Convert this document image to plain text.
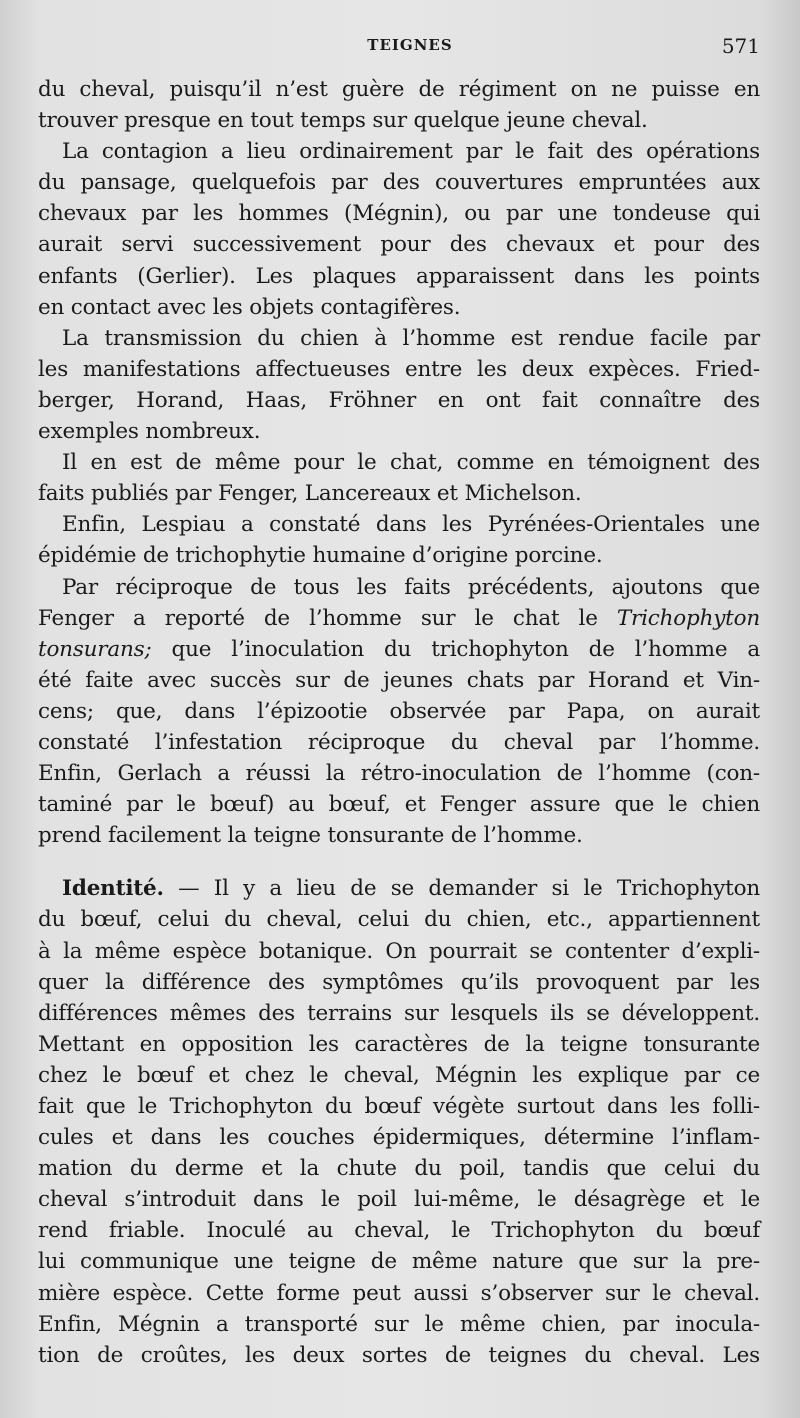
TEIGNES	571
du cheval, puisqu’il n’est guère de régiment on ne puisse en
trouver presque en tout temps sur quelque jeune cheval.
La contagion a lieu ordinairement par le fait des opérations
du pansage, quelquefois par des couvertures empruntées aux
chevaux par les hommes (Mégnin), ou par une tondeuse qui
aurait servi successivement pour des chevaux et pour des
enfants (Gerlier). Les plaques apparaissent dans les points
en contact avec les objets contagifères.
La transmission du chien à l’homme est rendue facile par
les manifestations affectueuses entre les deux expèces. Fried-
berger, Horand, Haas, Fröhner en ont fait connaître des
exemples nombreux.
Il en est de même pour le chat, comme en témoignent des
faits publiés par Fenger, Lancereaux et Michelson.
Enfin, Lespiau a constaté dans les Pyrénées-Orientales une
épidémie de trichophytie humaine d’origine porcine.
Par réciproque de tous les faits précédents, ajoutons que
Fenger a reporté de l’homme sur le chat le Trichophyton
tonsurans; que l’inoculation du trichophyton de l’homme a
été faite avec succès sur de jeunes chats par Horand et Vin-
cens; que, dans l’épizootie observée par Papa, on aurait
constaté l’infestation réciproque du cheval par l’homme.
Enfin, Gerlach a réussi la rétro-inoculation de l’homme (con-
taminé par le bœuf) au bœuf, et Fenger assure que le chien
prend facilement la teigne tonsurante de l’homme.
Identité. — Il y a lieu de se demander si le Trichophyton
du bœuf, celui du cheval, celui du chien, etc., appartiennent
à la même espèce botanique. On pourrait se contenter d’expli-
quer la différence des symptômes qu’ils provoquent par les
différences mêmes des terrains sur lesquels ils se développent.
Mettant en opposition les caractères de la teigne tonsurante
chez le bœuf et chez le cheval, Mégnin les explique par ce
fait que le Trichophyton du bœuf végète surtout dans les folli-
cules et dans les couches épidermiques, détermine l’inflam-
mation du derme et la chute du poil, tandis que celui du
cheval s’introduit dans le poil lui-même, le désagrège et le
rend friable. Inoculé au cheval, le Trichophyton du bœuf
lui communique une teigne de même nature que sur la pre-
mière espèce. Cette forme peut aussi s’observer sur le cheval.
Enfin, Mégnin a transporté sur le même chien, par inocula-
tion de croûtes, les deux sortes de teignes du cheval. Les
